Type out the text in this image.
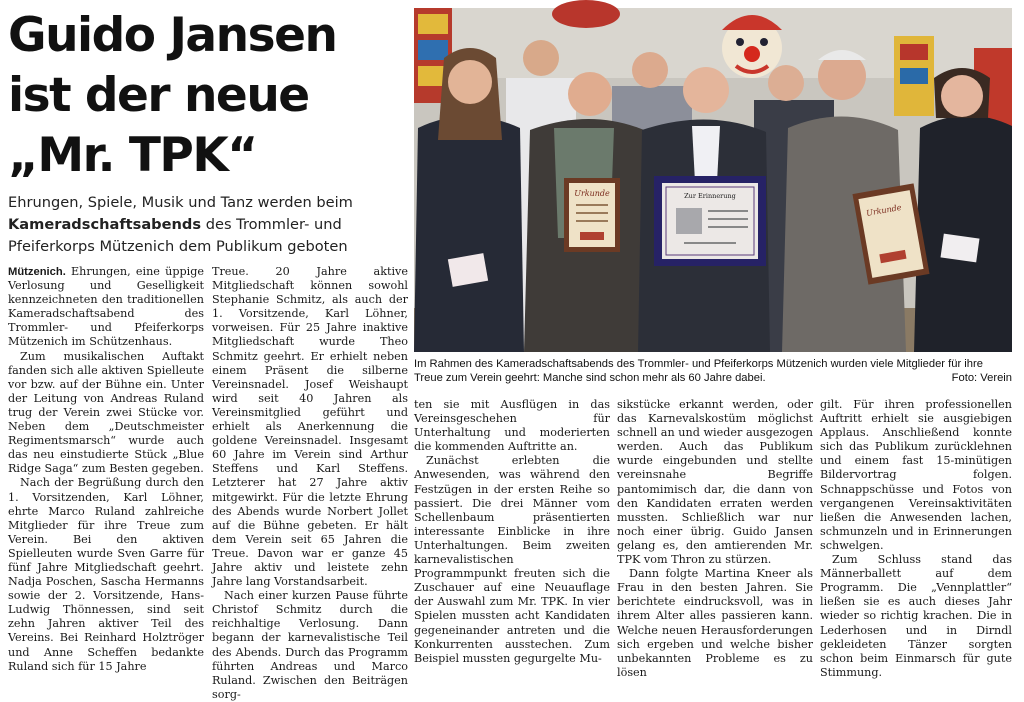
Guido Jansen
ist der neue
„Mr. TPK“
Ehrungen, Spiele, Musik und Tanz werden beim Kameradschaftsabends des Trommler- und Pfeiferkorps Mützenich dem Publikum geboten
Urkunde	Zur Erinnerung
Urkunde
Im Rahmen des Kameradschaftsabends des Trommler- und Pfeiferkorps Mützenich wurden viele Mitglieder für ihre Treue zum Verein geehrt: Manche sind schon mehr als 60 Jahre dabei.	Foto: Verein

Mützenich. Ehrungen, eine üppige Verlosung und Geselligkeit kennzeichneten den traditionellen Kameradschaftsabend des Trommler- und Pfeiferkorps Mützenich im Schützenhaus.

Zum musikalischen Auftakt fanden sich alle aktiven Spielleute vor bzw. auf der Bühne ein. Unter der Leitung von Andreas Ruland trug der Verein zwei Stücke vor. Neben dem „Deutschmeister Regimentsmarsch“ wurde auch das neu einstudierte Stück „Blue Ridge Saga“ zum Besten gegeben.

Nach der Begrüßung durch den 1. Vorsitzenden, Karl Löhner, ehrte Marco Ruland zahlreiche Mitglieder für ihre Treue zum Verein. Bei den aktiven Spielleuten wurde Sven Garre für fünf Jahre Mitgliedschaft geehrt. Nadja Poschen, Sascha Hermanns sowie der 2. Vorsitzende, Hans-Ludwig Thönnessen, sind seit zehn Jahren aktiver Teil des Vereins. Bei Reinhard Holztröger und Anne Scheffen bedankte Ruland sich für 15 Jahre

Treue. 20 Jahre aktive Mitgliedschaft können sowohl Stephanie Schmitz, als auch der 1. Vorsitzende, Karl Löhner, vorweisen. Für 25 Jahre inaktive Mitgliedschaft wurde Theo Schmitz geehrt. Er erhielt neben einem Präsent die silberne Vereinsnadel. Josef Weishaupt wird seit 40 Jahren als Vereinsmitglied geführt und erhielt als Anerkennung die goldene Vereinsnadel. Insgesamt 60 Jahre im Verein sind Arthur Steffens und Karl Steffens. Letzterer hat 27 Jahre aktiv mitgewirkt. Für die letzte Ehrung des Abends wurde Norbert Jollet auf die Bühne gebeten. Er hält dem Verein seit 65 Jahren die Treue. Davon war er ganze 45 Jahre aktiv und leistete zehn Jahre lang Vorstandsarbeit.

Nach einer kurzen Pause führte Christof Schmitz durch die reichhaltige Verlosung. Dann begann der karnevalistische Teil des Abends. Durch das Programm führten Andreas und Marco Ruland. Zwischen den Beiträgen sorg-

ten sie mit Ausflügen in das Vereinsgeschehen für Unterhaltung und moderierten die kommenden Auftritte an.

Zunächst erlebten die Anwesenden, was während den Festzügen in der ersten Reihe so passiert. Die drei Männer vom Schellenbaum präsentierten interessante Einblicke in ihre Unterhaltungen. Beim zweiten karnevalistischen Programmpunkt freuten sich die Zuschauer auf eine Neuauflage der Auswahl zum Mr. TPK. In vier Spielen mussten acht Kandidaten gegeneinander antreten und die Konkurrenten ausstechen. Zum Beispiel mussten gegurgelte Mu-

sikstücke erkannt werden, oder das Karnevalskostüm möglichst schnell an und wieder ausgezogen werden. Auch das Publikum wurde eingebunden und stellte vereinsnahe Begriffe pantomimisch dar, die dann von den Kandidaten erraten werden mussten. Schließlich war nur noch einer übrig. Guido Jansen gelang es, den amtierenden Mr. TPK vom Thron zu stürzen.

Dann folgte Martina Kneer als Frau in den besten Jahren. Sie berichtete eindrucksvoll, was in ihrem Alter alles passieren kann. Welche neuen Herausforderungen sich ergeben und welche bisher unbekannten Probleme es zu lösen

gilt. Für ihren professionellen Auftritt erhielt sie ausgiebigen Applaus. Anschließend konnte sich das Publikum zurücklehnen und einem fast 15-minütigen Bildervortrag folgen. Schnappschüsse und Fotos von vergangenen Vereinsaktivitäten ließen die Anwesenden lachen, schmunzeln und in Erinnerungen schwelgen.

Zum Schluss stand das Männerballett auf dem Programm. Die „Vennplattler“ ließen sie es auch dieses Jahr wieder so richtig krachen. Die in Lederhosen und in Dirndl gekleideten Tänzer sorgten schon beim Einmarsch für gute Stimmung.
